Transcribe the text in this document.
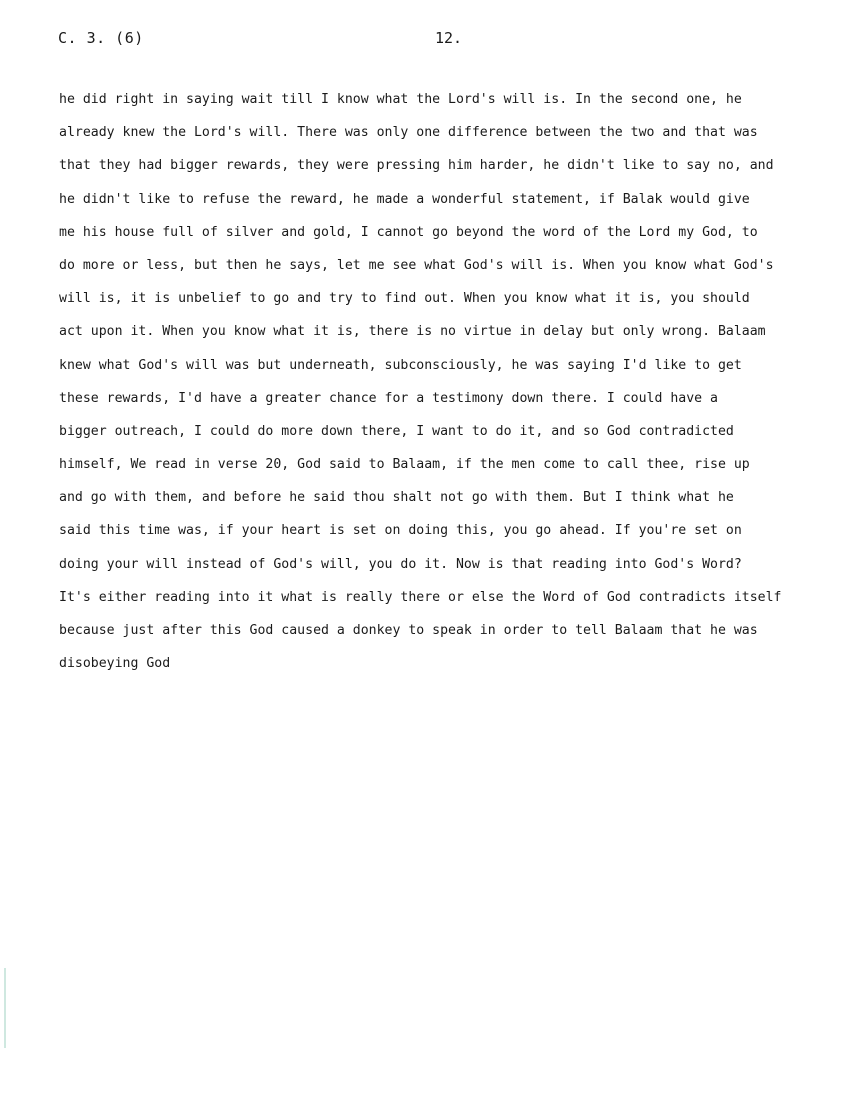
C. 3. (6)	12.
he did right in saying wait till I know what the Lord's will is. In the second one, he
already knew the Lord's will. There was only one difference between the two and that was
that they had bigger rewards, they were pressing him harder, he didn't like to say no, and
he didn't like to refuse the reward, he made a wonderful statement, if Balak would give
me his house full of silver and gold, I cannot go beyond the word of the Lord my God, to
do more or less, but then he says, let me see what God's will is. When you know what God's
will is, it is unbelief to go and try to find out. When you know what it is, you should
act upon it. When you know what it is, there is no virtue in delay but only wrong. Balaam
knew what God's will was but underneath, subconsciously, he was saying I'd like to get
these rewards, I'd have a greater chance for a testimony down there. I could have a
bigger outreach, I could do more down there, I want to do it, and so God contradicted
himself, We read in verse 20, God said to Balaam, if the men come to call thee, rise up
and go with them, and before he said thou shalt not go with them. But I think what he
said this time was, if your heart is set on doing this, you go ahead. If you're set on
doing your will instead of God's will, you do it. Now is that reading into God's Word?
It's either reading into it what is really there or else the Word of God contradicts itself
because just after this God caused a donkey to speak in order to tell Balaam that he was
disobeying God
